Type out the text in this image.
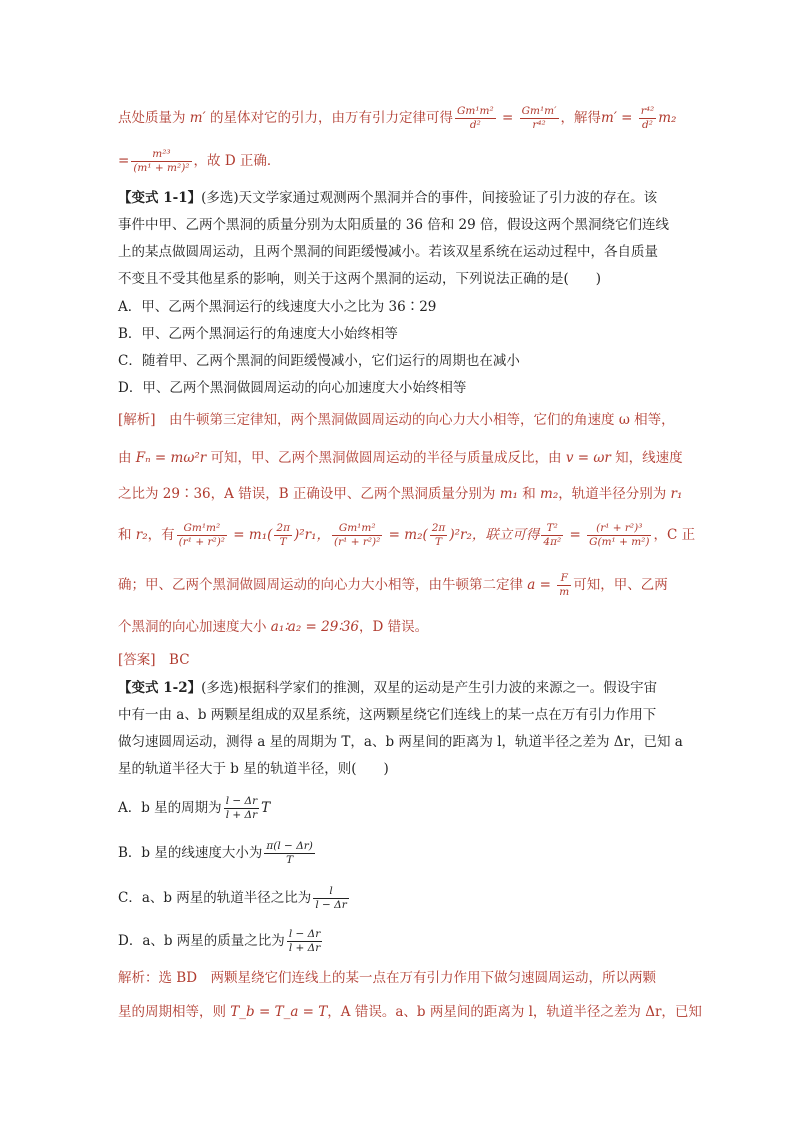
点处质量为 m′ 的星体对它的引力，由万有引力定律可得 $\frac{\text{Gm¹m²}}{\text{d²}} = \frac{\text{Gm¹m′}}{\text{r⁴²}}$ ，解得$m' = \frac{\text{r⁴²}}{\text{d²}} m_2$
= $\frac{\text{m²³}}{\text{(m¹ + m²)²}}$ ，故 D 正确．
【变式 1-1】(多选)天文学家通过观测两个黑洞并合的事件，间接验证了引力波的存在。该
事件中甲、乙两个黑洞的质量分别为太阳质量的 36 倍和 29 倍，假设这两个黑洞绕它们连线
上的某点做圆周运动，且两个黑洞的间距缓慢减小。若该双星系统在运动过程中，各自质量
不变且不受其他星系的影响，则关于这两个黑洞的运动，下列说法正确的是(　　)
A．甲、乙两个黑洞运行的线速度大小之比为 36∶29
B．甲、乙两个黑洞运行的角速度大小始终相等
C．随着甲、乙两个黑洞的间距缓慢减小，它们运行的周期也在减小
D．甲、乙两个黑洞做圆周运动的向心加速度大小始终相等
[解析]　由牛顿第三定律知，两个黑洞做圆周运动的向心力大小相等，它们的角速度 ω 相等，
由 Fₙ = mω²r 可知，甲、乙两个黑洞做圆周运动的半径与质量成反比，由 v = ωr 知，线速度
之比为 29∶36，A 错误，B 正确设甲、乙两个黑洞质量分别为 m₁ 和 m₂，轨道半径分别为 r₁
和 r₂，有 $\frac{\text{Gm¹m²}}{\text{(r¹ + r²)²}} = m_1( \frac{2\pi}{T} )^2r_1$， $\frac{\text{Gm¹m²}}{\text{(r¹ + r²)²}} = m_2( \frac{2\pi}{T} )^2r_2$，联立可得 $\frac{\text{T²}}{\text{4π²}} = \frac{\text{(r¹ + r²)³}}{\text{G(m¹ + m²)}}$ ，C 正
确；甲、乙两个黑洞做圆周运动的向心力大小相等，由牛顿第二定律 $a = \frac{F}{m}$ 可知，甲、乙两
个黑洞的向心加速度大小 a₁∶a₂ = 29∶36，D 错误。
[答案]　BC
【变式 1-2】(多选)根据科学家们的推测，双星的运动是产生引力波的来源之一。假设宇宙
中有一由 a、b 两颗星组成的双星系统，这两颗星绕它们连线上的某一点在万有引力作用下
做匀速圆周运动，测得 a 星的周期为 T，a、b 两星间的距离为 l，轨道半径之差为 Δr，已知 a
星的轨道半径大于 b 星的轨道半径，则(　　)
A．b 星的周期为 $\frac{l - \Delta r}{l + \Delta r}$ T
B．b 星的线速度大小为 $\frac{\pi(l - \Delta r)}{T}$
C．a、b 两星的轨道半径之比为 $\frac{l}{l - \Delta r}$
D．a、b 两星的质量之比为 $\frac{l - \Delta r}{l + \Delta r}$
解析：选 BD　两颗星绕它们连线上的某一点在万有引力作用下做匀速圆周运动，所以两颗
星的周期相等，则 T_b = T_a = T，A 错误。a、b 两星间的距离为 l，轨道半径之差为 Δr，已知
